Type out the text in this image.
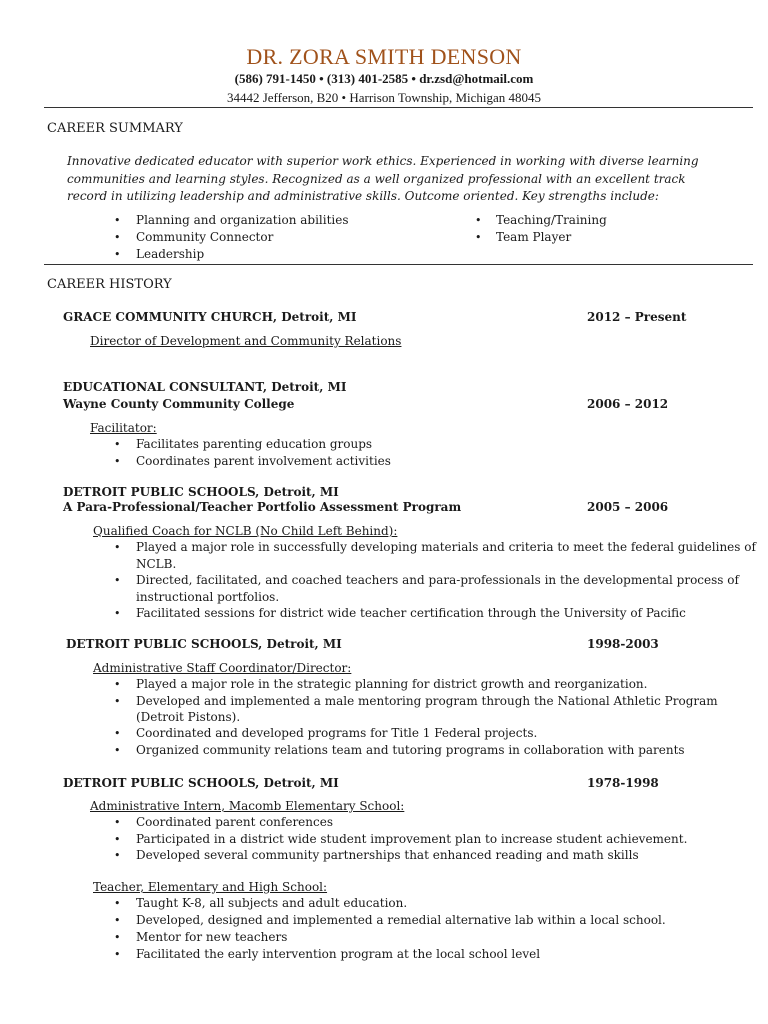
DR. ZORA SMITH DENSON
(586) 791-1450 • (313) 401-2585 • dr.zsd@hotmail.com
34442 Jefferson, B20 • Harrison Township, Michigan 48045
CAREER SUMMARY
Innovative dedicated educator with superior work ethics. Experienced in working with diverse learning communities and learning styles. Recognized as a well organized professional with an excellent track record in utilizing leadership and administrative skills. Outcome oriented. Key strengths include:
• Planning and organization abilities
• Community Connector
• Leadership
• Teaching/Training
• Team Player
CAREER HISTORY
GRACE COMMUNITY CHURCH, Detroit, MI	2012 – Present
Director of Development and Community Relations
EDUCATIONAL CONSULTANT, Detroit, MI
Wayne County Community College	2006 – 2012
Facilitator:
• Facilitates parenting education groups
• Coordinates parent involvement activities
DETROIT PUBLIC SCHOOLS, Detroit, MI
A Para-Professional/Teacher Portfolio Assessment Program	2005 – 2006
Qualified Coach for NCLB (No Child Left Behind):
• Played a major role in successfully developing materials and criteria to meet the federal guidelines of
NCLB.
• Directed, facilitated, and coached teachers and para-professionals in the developmental process of
instructional portfolios.
• Facilitated sessions for district wide teacher certification through the University of Pacific
DETROIT PUBLIC SCHOOLS, Detroit, MI	1998-2003
Administrative Staff Coordinator/Director:
• Played a major role in the strategic planning for district growth and reorganization.
• Developed and implemented a male mentoring program through the National Athletic Program
(Detroit Pistons).
• Coordinated and developed programs for Title 1 Federal projects.
• Organized community relations team and tutoring programs in collaboration with parents
DETROIT PUBLIC SCHOOLS, Detroit, MI	1978-1998
Administrative Intern, Macomb Elementary School:
• Coordinated parent conferences
• Participated in a district wide student improvement plan to increase student achievement.
• Developed several community partnerships that enhanced reading and math skills
Teacher, Elementary and High School:
• Taught K-8, all subjects and adult education.
• Developed, designed and implemented a remedial alternative lab within a local school.
• Mentor for new teachers
• Facilitated the early intervention program at the local school level
